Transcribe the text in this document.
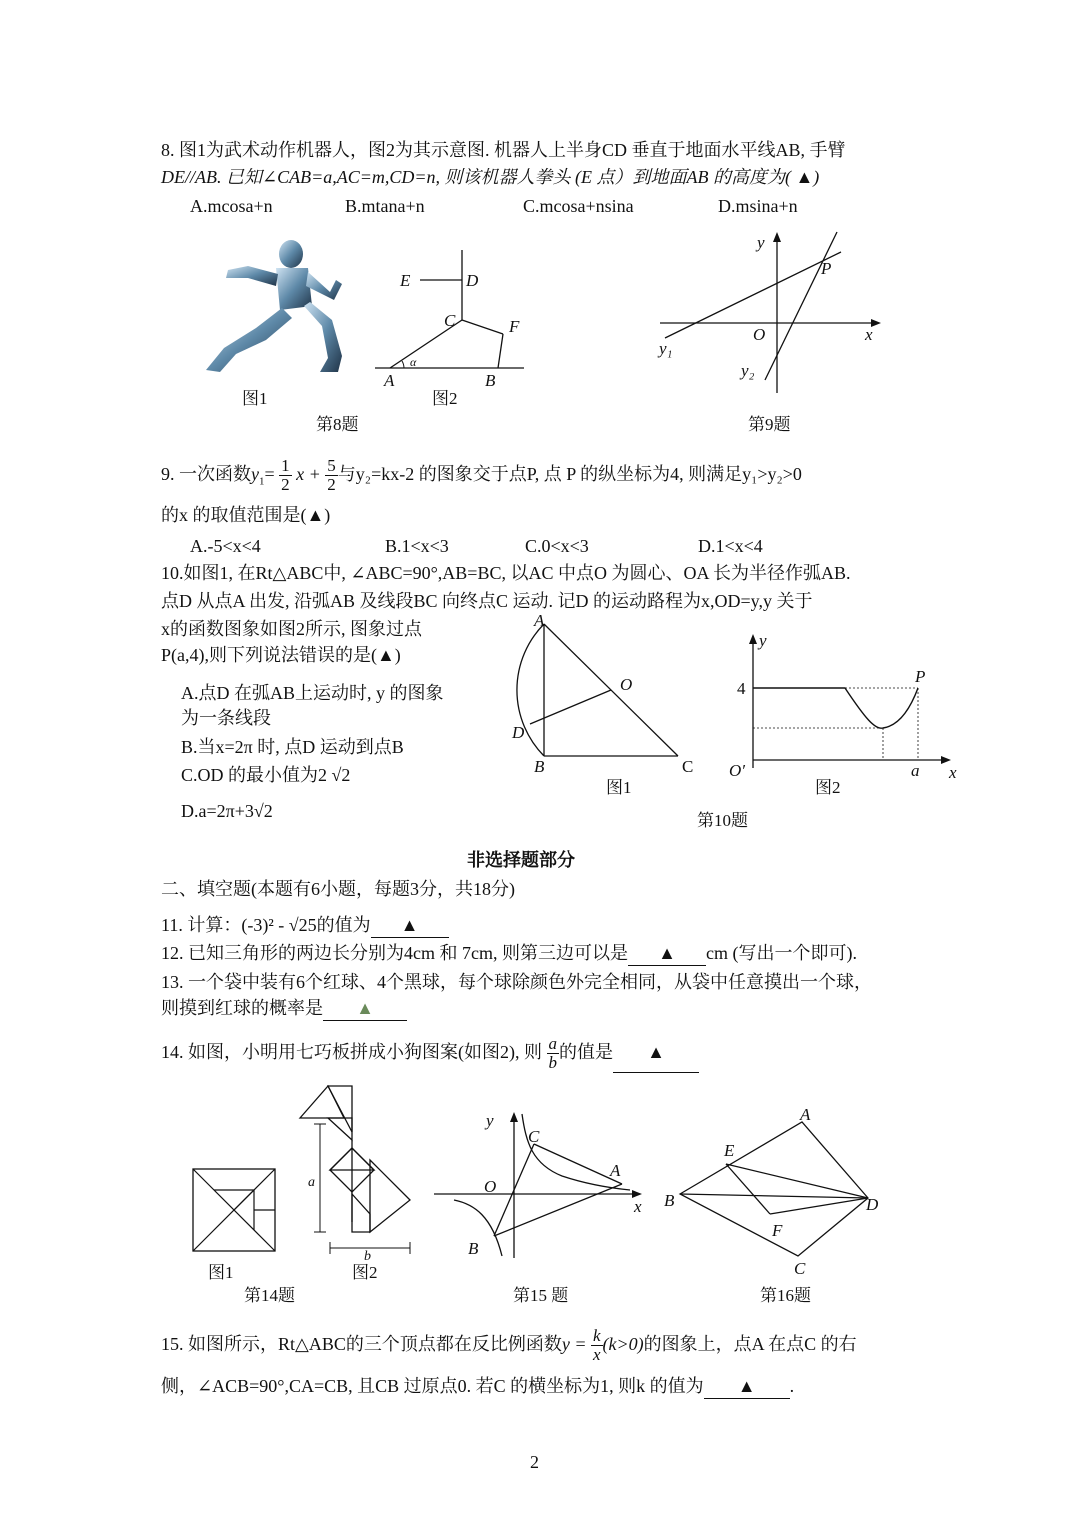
8. 图1为武术动作机器人，图2为其示意图. 机器人上半身CD 垂直于地面水平线AB, 手臂
DE//AB. 已知∠CAB=a,AC=m,CD=n, 则该机器人拳头 (E 点）到地面AB 的高度为( ▲)
A.mcosa+n	B.mtana+n	C.mcosa+nsina	D.msina+n
图1
E	D
C	F
A	B
α
图2
第8题
y
x
O
P
y₁
y₂
第9题
9. 一次函数$y_1= \frac{1}{2}$ $x + \frac{5}{2}$ 与y₂=kx-2 的图象交于点P, 点 P 的纵坐标为4, 则满足y₁>y₂>0
的x 的取值范围是(▲)
A.-5<x<4	B.1<x<3	C.0<x<3	D.1<x<4
10.如图1, 在Rt△ABC中, ∠ABC=90°,AB=BC, 以AC 中点O 为圆心、OA 长为半径作弧AB.
点D 从点A 出发, 沿弧AB 及线段BC 向终点C 运动. 记D 的运动路程为x,OD=y,y 关于
x的函数图象如图2所示, 图象过点
P(a,4),则下列说法错误的是(▲)
A.点D 在弧AB上运动时, y 的图象
为一条线段
B.当x=2π 时, 点D 运动到点B
C.OD 的最小值为2 √2
D.a=2π+3√2
A
O
D
B	C
图1
y
4
P
O′	a x
图2
第10题
非选择题部分
二、填空题(本题有6小题，每题3分，共18分)
11. 计算：(-3)² - √25的值为 ▲
12. 已知三角形的两边长分别为4cm 和 7cm, 则第三边可以是 ▲ cm (写出一个即可).
13. 一个袋中装有6个红球、4个黑球，每个球除颜色外完全相同，从袋中任意摸出一个球，
则摸到红球的概率是 ▲
14. 如图，小明用七巧板拼成小狗图案(如图2), 则 $\frac{a}{b}$ 的值是 ▲
图1
a
b
图2
第14题
y
x
O
C
A
B
第15 题
A
E
B	D
F
C
第16题
15. 如图所示，Rt△ABC的三个顶点都在反比例函数$y = \frac{k}{x} (k>0)$的图象上，点A 在点C 的右
侧，∠ACB=90°,CA=CB, 且CB 过原点0. 若C 的横坐标为1, 则k 的值为 ▲ .
2
